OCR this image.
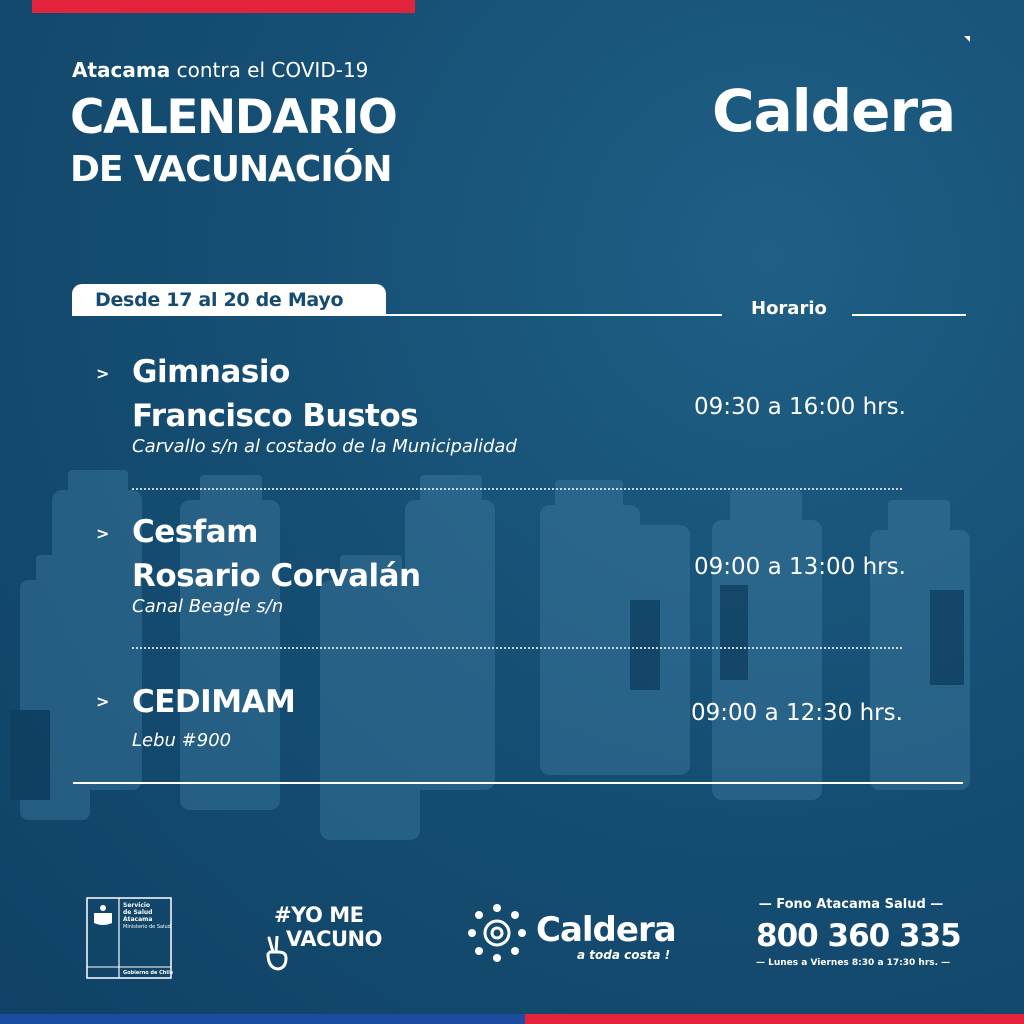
Atacama contra el COVID-19
CALENDARIO
DE VACUNACIÓN
Caldera
Desde 17 al 20 de Mayo	Horario
> Gimnasio
Francisco Bustos
Carvallo s/n al costado de la Municipalidad
09:30 a 16:00 hrs.
> Cesfam
Rosario Corvalán
Canal Beagle s/n
09:00 a 13:00 hrs.
> CEDIMAM
Lebu #900
09:00 a 12:30 hrs.
Servicio
de Salud
Atacama
Ministerio de Salud
Gobierno de Chile
#YO ME
VACUNO	Caldera
a toda costa !
— Fono Atacama Salud —
800 360 335
— Lunes a Viernes 8:30 a 17:30 hrs. —
